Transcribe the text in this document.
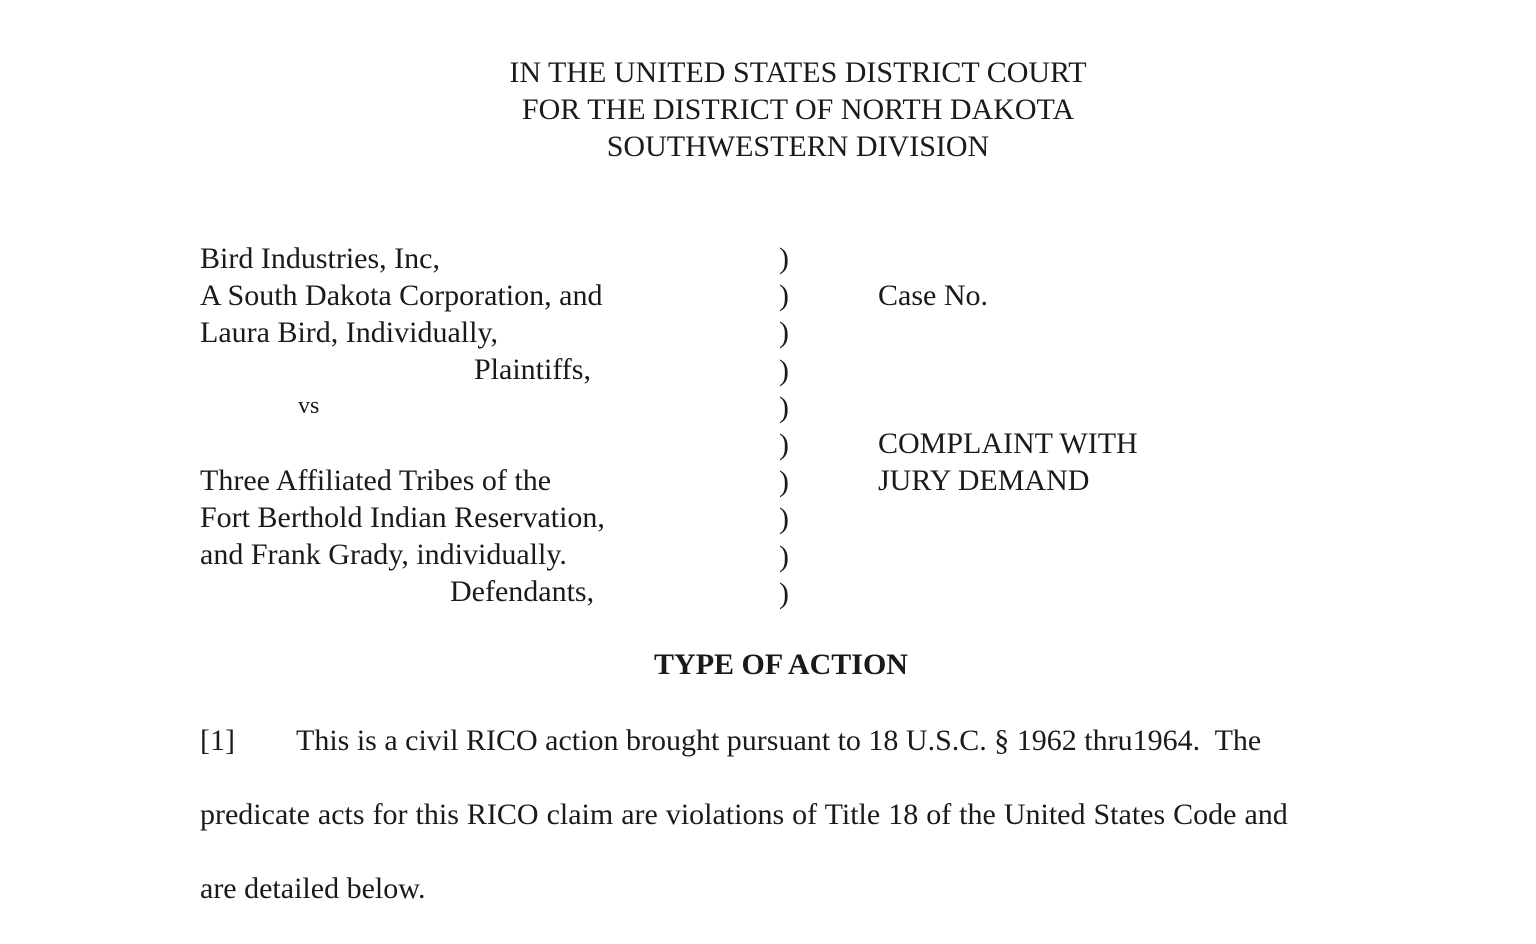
IN THE UNITED STATES DISTRICT COURT
FOR THE DISTRICT OF NORTH DAKOTA
SOUTHWESTERN DIVISION
Bird Industries, Inc,
A South Dakota Corporation, and
Laura Bird, Individually,
Plaintiffs,
vs
Three Affiliated Tribes of the
Fort Berthold Indian Reservation,
and Frank Grady, individually.
Defendants,
)
)
)
)
)
)
)
)
)
)
Case No.
COMPLAINT WITH
JURY DEMAND
TYPE OF ACTION
[1] This is a civil RICO action brought pursuant to 18 U.S.C. § 1962 thru1964.  The
predicate acts for this RICO claim are violations of Title 18 of the United States Code and
are detailed below.
